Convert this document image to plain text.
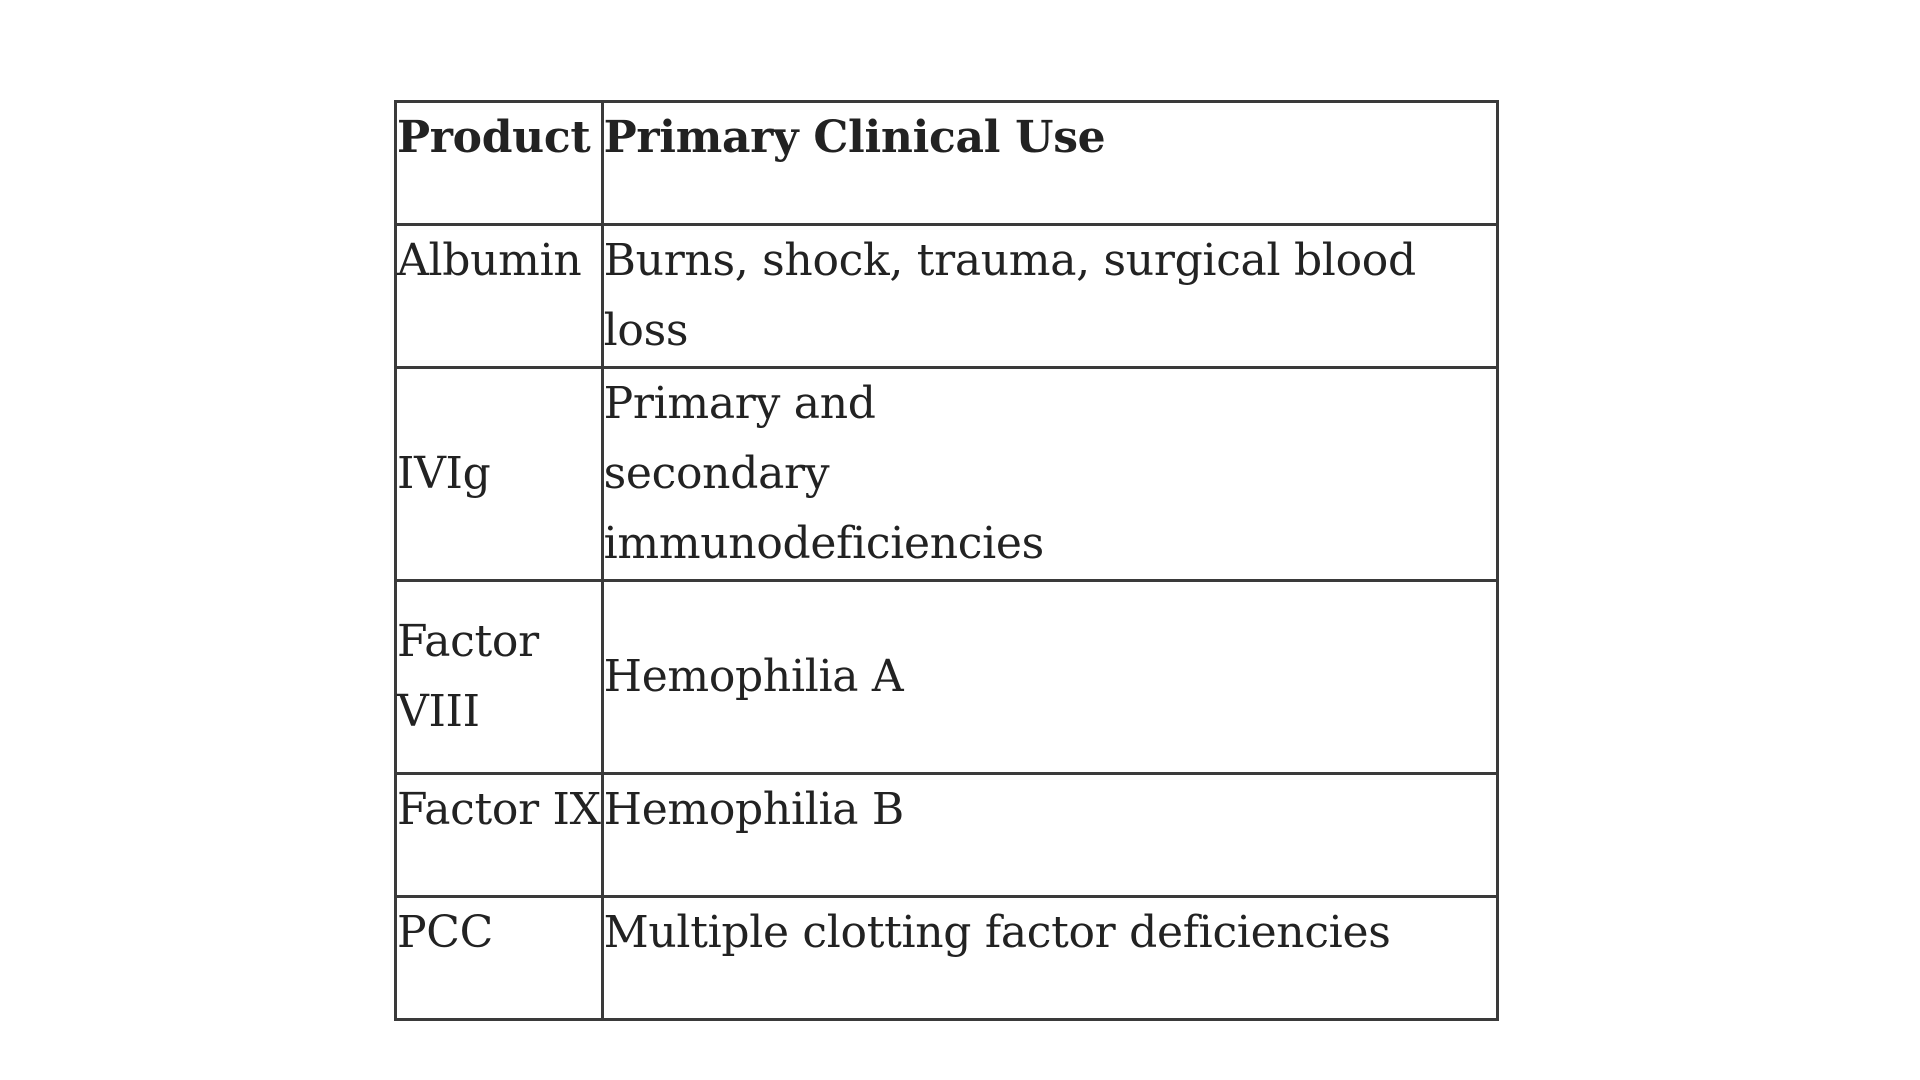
Product	Primary Clinical Use

Albumin	Burns, shock, trauma, surgical blood loss

IVIg	Primary and secondary immunodeficiencies

Factor VIII	Hemophilia A

Factor IX	Hemophilia B

PCC	Multiple clotting factor deficiencies
